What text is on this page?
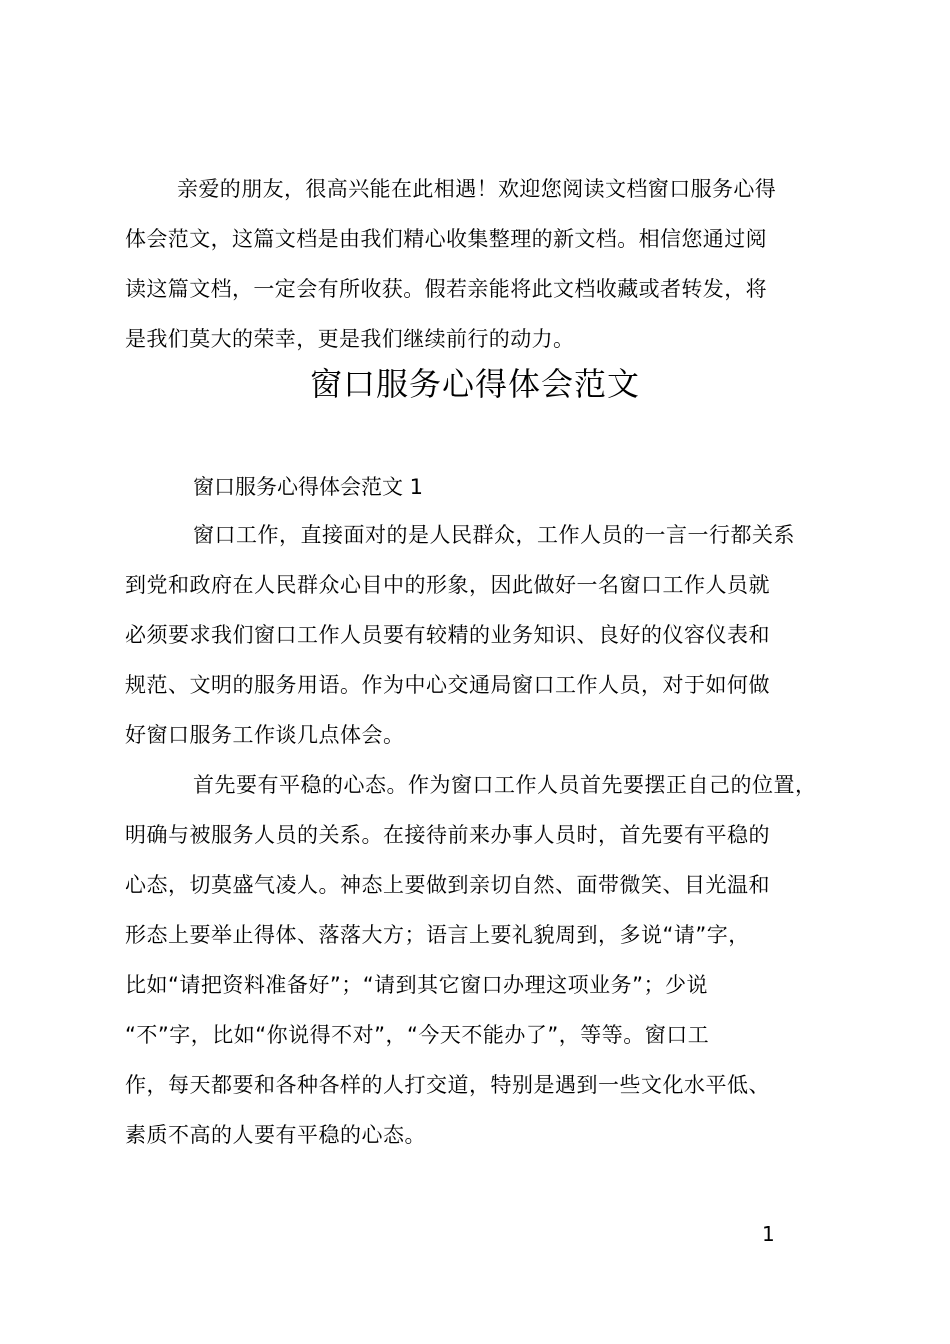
亲爱的朋友，很高兴能在此相遇！欢迎您阅读文档窗口服务心得
体会范文，这篇文档是由我们精心收集整理的新文档。相信您通过阅
读这篇文档，一定会有所收获。假若亲能将此文档收藏或者转发，将
是我们莫大的荣幸，更是我们继续前行的动力。
窗口服务心得体会范文
窗口服务心得体会范文 1
窗口工作，直接面对的是人民群众，工作人员的一言一行都关系
到党和政府在人民群众心目中的形象，因此做好一名窗口工作人员就
必须要求我们窗口工作人员要有较精的业务知识、良好的仪容仪表和
规范、文明的服务用语。作为中心交通局窗口工作人员，对于如何做
好窗口服务工作谈几点体会。
首先要有平稳的心态。作为窗口工作人员首先要摆正自己的位置，
明确与被服务人员的关系。在接待前来办事人员时，首先要有平稳的
心态，切莫盛气凌人。神态上要做到亲切自然、面带微笑、目光温和
形态上要举止得体、落落大方；语言上要礼貌周到，多说“请”字，
比如“请把资料准备好”；“请到其它窗口办理这项业务”；少说
“不”字，比如“你说得不对”，“今天不能办了”，等等。窗口工
作，每天都要和各种各样的人打交道，特别是遇到一些文化水平低、
素质不高的人要有平稳的心态。
1
